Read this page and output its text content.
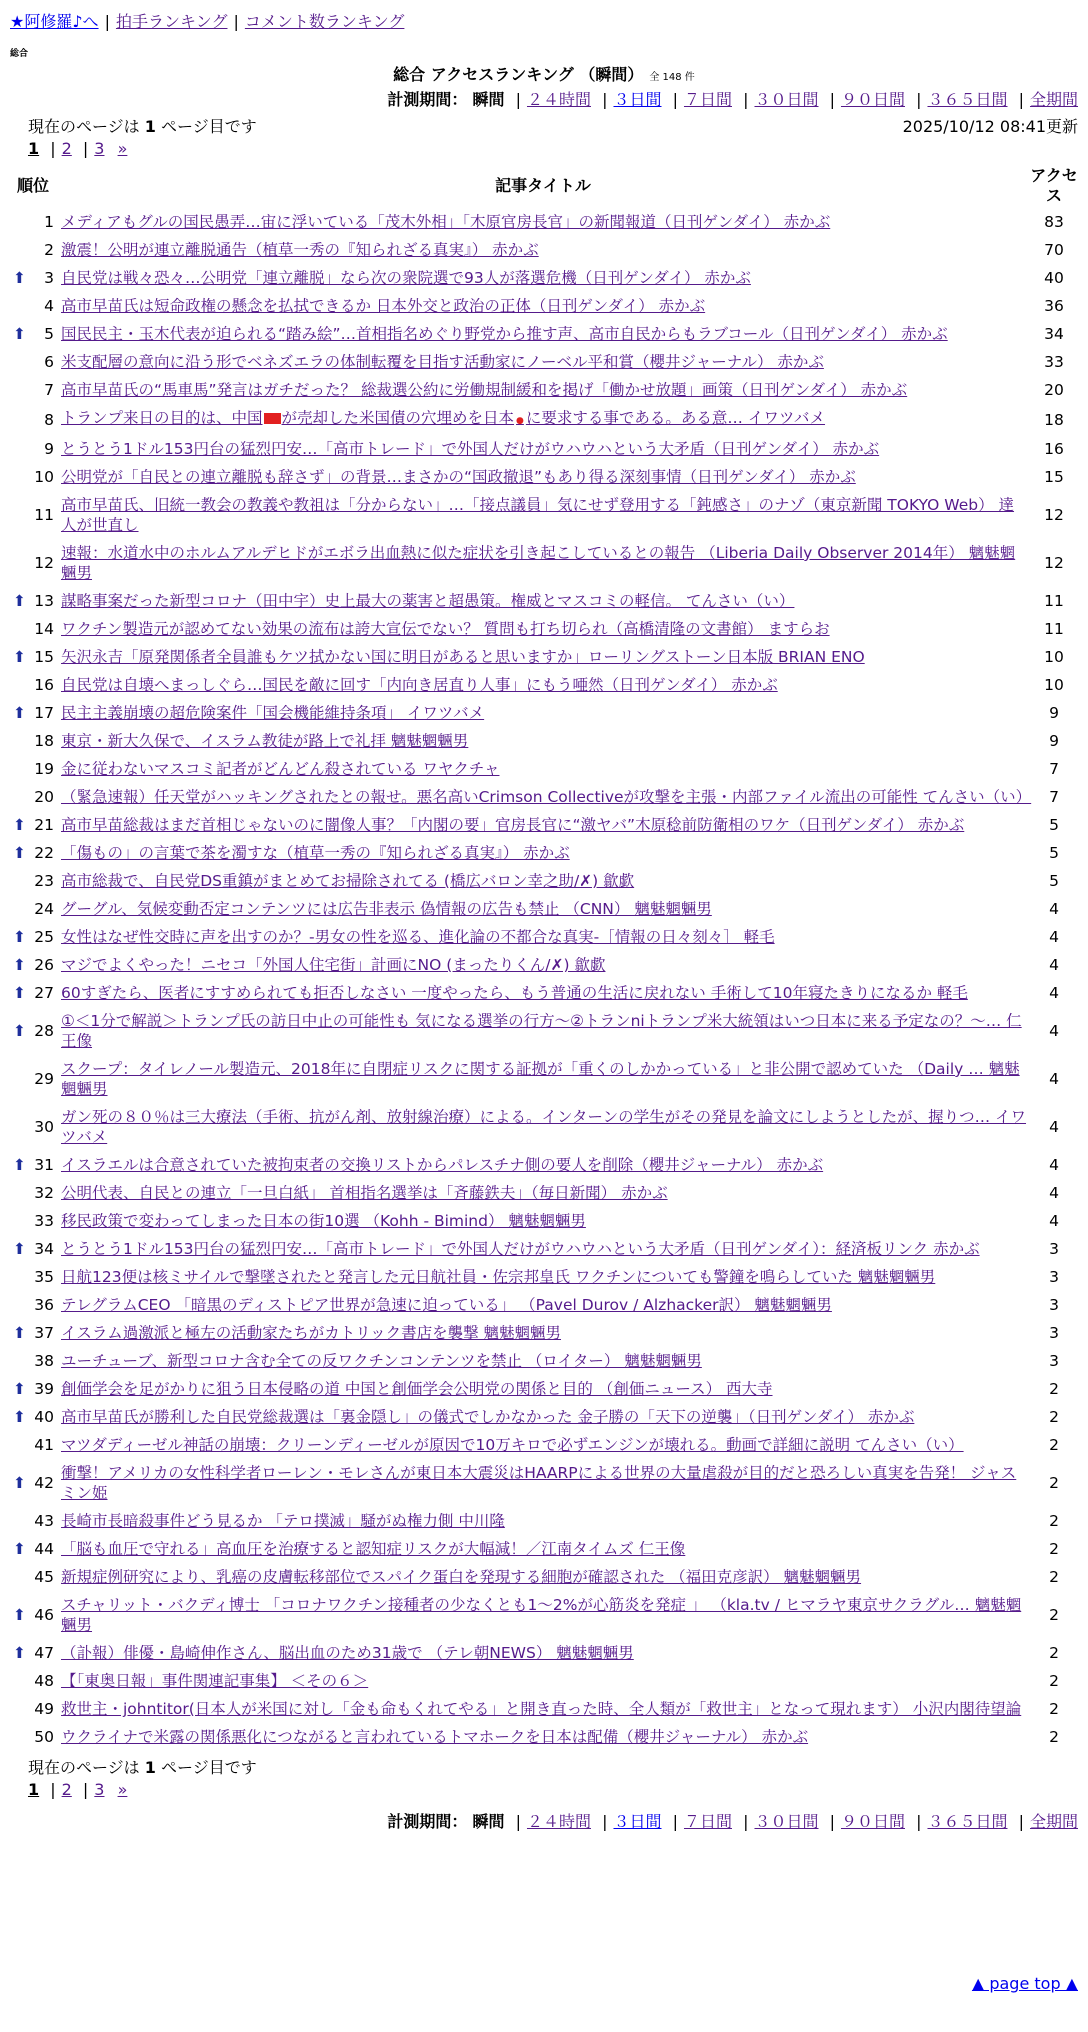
★阿修羅♪へ | 拍手ランキング | コメント数ランキング
総合
総合 アクセスランキング （瞬間） 全 148 件
計測期間： 瞬間 | ２４時間 | ３日間 | ７日間 | ３０日間 | ９０日間 | ３６５日間 | 全期間
現在のページは 1 ページ目です	2025/10/12 08:41更新
1 | 2 | 3 »
順位		記事タイトル	アクセス
	1	メディアもグルの国民愚弄…宙に浮いている「茂木外相」「木原官房長官」の新聞報道（日刊ゲンダイ） 赤かぶ	83
	2	激震！公明が連立離脱通告（植草一秀の『知られざる真実』） 赤かぶ	70
⬆	3	自民党は戦々恐々…公明党「連立離脱」なら次の衆院選で93人が落選危機（日刊ゲンダイ） 赤かぶ	40
	4	高市早苗氏は短命政権の懸念を払拭できるか 日本外交と政治の正体（日刊ゲンダイ） 赤かぶ	36
⬆	5	国民民主・玉木代表が迫られる“踏み絵”…首相指名めぐり野党から推す声、高市自民からもラブコール（日刊ゲンダイ） 赤かぶ	34
	6	米支配層の意向に沿う形でベネズエラの体制転覆を目指す活動家にノーベル平和賞（櫻井ジャーナル） 赤かぶ	33
	7	高市早苗氏の“馬車馬”発言はガチだった？ 総裁選公約に労働規制緩和を掲げ「働かせ放題」画策（日刊ゲンダイ） 赤かぶ	20
	8	トランプ来日の目的は、中国 が売却した米国債の穴埋めを日本 ● に要求する事である。ある意… イワツバメ	18
	9	とうとう1ドル153円台の猛烈円安…「高市トレード」で外国人だけがウハウハという大矛盾（日刊ゲンダイ） 赤かぶ	16
	10	公明党が「自民との連立離脱も辞さず」の背景…まさかの“国政撤退”もあり得る深刻事情（日刊ゲンダイ） 赤かぶ	15
	11	高市早苗氏、旧統一教会の教義や教祖は「分からない」…「接点議員」気にせず登用する「鈍感さ」のナゾ（東京新聞 TOKYO Web） 達人が世直し	12
	12	速報：水道水中のホルムアルデヒドがエボラ出血熱に似た症状を引き起こしているとの報告 （Liberia Daily Observer 2014年） 魑魅魍魎男	12
⬆	13	謀略事案だった新型コロナ（田中宇）史上最大の薬害と超愚策。権威とマスコミの軽信。 てんさい（い）	11
	14	ワクチン製造元が認めてない効果の流布は誇大宣伝でない？ 質問も打ち切られ（高橋清隆の文書館） ますらお	11
⬆	15	矢沢永吉「原発関係者全員誰もケツ拭かない国に明日があると思いますか」ローリングストーン日本版 BRIAN ENO	10
	16	自民党は自壊へまっしぐら…国民を敵に回す「内向き居直り人事」にもう唖然（日刊ゲンダイ） 赤かぶ	10
⬆	17	民主主義崩壊の超危険案件「国会機能維持条項」 イワツバメ	9
	18	東京・新大久保で、イスラム教徒が路上で礼拝 魑魅魍魎男	9
	19	金に従わないマスコミ記者がどんどん殺されている ワヤクチャ	7
	20	（緊急速報）任天堂がハッキングされたとの報せ。悪名高いCrimson Collectiveが攻撃を主張・内部ファイル流出の可能性 てんさい（い）	7
⬆	21	高市早苗総裁はまだ首相じゃないのに闇像人事？「内閣の要」官房長官に“激ヤバ”木原稔前防衛相のワケ（日刊ゲンダイ） 赤かぶ	5
⬆	22	「傷もの」の言葉で茶を濁すな（植草一秀の『知られざる真実』） 赤かぶ	5
	23	高市総裁で、自民党DS重鎮がまとめてお掃除されてる (橋広バロン幸之助/✗) 歙歔	5
	24	グーグル、気候変動否定コンテンツには広告非表示 偽情報の広告も禁止 （CNN） 魑魅魍魎男	4
⬆	25	女性はなぜ性交時に声を出すのか？-男女の性を巡る、進化論の不都合な真実-［情報の日々刻々］ 軽毛	4
⬆	26	マジでよくやった！ニセコ「外国人住宅街」計画にNO (まったりくん/✗) 歙歔	4
⬆	27	60すぎたら、医者にすすめられても拒否しなさい 一度やったら、もう普通の生活に戻れない 手術して10年寝たきりになるか 軽毛	4
⬆	28	①＜1分で解説＞トランプ氏の訪日中止の可能性も 気になる選挙の行方～②トランniトランプ米大統領はいつ日本に来る予定なの？～… 仁王像	4
	29	スクープ：タイレノール製造元、2018年に自閉症リスクに関する証拠が「重くのしかかっている」と非公開で認めていた （Daily … 魑魅魍魎男	4
	30	ガン死の８０％は三大療法（手術、抗がん剤、放射線治療）による。インターンの学生がその発見を論文にしようとしたが、握りつ… イワツバメ	4
⬆	31	イスラエルは合意されていた被拘束者の交換リストからパレスチナ側の要人を削除（櫻井ジャーナル） 赤かぶ	4
	32	公明代表、自民との連立「一旦白紙」 首相指名選挙は「斉藤鉄夫」（毎日新聞） 赤かぶ	4
	33	移民政策で変わってしまった日本の街10選 （Kohh - Bimind） 魑魅魍魎男	4
⬆	34	とうとう1ドル153円台の猛烈円安…「高市トレード」で外国人だけがウハウハという大矛盾（日刊ゲンダイ）：経済板リンク 赤かぶ	3
	35	日航123便は核ミサイルで撃墜されたと発言した元日航社員・佐宗邦皇氏 ワクチンについても警鐘を鳴らしていた 魑魅魍魎男	3
	36	テレグラムCEO 「暗黒のディストピア世界が急速に迫っている」 （Pavel Durov / Alzhacker訳） 魑魅魍魎男	3
⬆	37	イスラム過激派と極左の活動家たちがカトリック書店を襲撃 魑魅魍魎男	3
	38	ユーチューブ、新型コロナ含む全ての反ワクチンコンテンツを禁止 （ロイター） 魑魅魍魎男	3
⬆	39	創価学会を足がかりに狙う日本侵略の道 中国と創価学会公明党の関係と目的 （創価ニュース） 西大寺	2
⬆	40	高市早苗氏が勝利した自民党総裁選は「裏金隠し」の儀式でしかなかった 金子勝の「天下の逆襲」（日刊ゲンダイ） 赤かぶ	2
	41	マツダディーゼル神話の崩壊：クリーンディーゼルが原因で10万キロで必ずエンジンが壊れる。動画で詳細に説明 てんさい（い）	2
⬆	42	衝撃！アメリカの女性科学者ローレン・モレさんが東日本大震災はHAARPによる世界の大量虐殺が目的だと恐ろしい真実を告発！ ジャスミン姫	2
	43	長崎市長暗殺事件どう見るか 「テロ撲滅」騒がぬ権力側 中川隆	2
⬆	44	「脳も血圧で守れる」高血圧を治療すると認知症リスクが大幅減！／江南タイムズ 仁王像	2
	45	新規症例研究により、乳癌の皮膚転移部位でスパイク蛋白を発現する細胞が確認された （福田克彦訳） 魑魅魍魎男	2
⬆	46	スチャリット・バクディ博士 「コロナワクチン接種者の少なくとも1～2%が心筋炎を発症 」 （kla.tv / ヒマラヤ東京サクラグル… 魑魅魍魎男	2
⬆	47	（訃報）俳優・島崎伸作さん、脳出血のため31歳で （テレ朝NEWS） 魑魅魍魎男	2
	48	【「東奥日報」事件関連記事集】 ＜その６＞	2
	49	救世主・johntitor(日本人が米国に対し「金も命もくれてやる」と開き直った時、全人類が「救世主」となって現れます） 小沢内閣待望論	2
	50	ウクライナで米露の関係悪化につながると言われているトマホークを日本は配備（櫻井ジャーナル） 赤かぶ	2
現在のページは 1 ページ目です
1 | 2 | 3 »
計測期間： 瞬間 | ２４時間 | ３日間 | ７日間 | ３０日間 | ９０日間 | ３６５日間 | 全期間
▲ page top ▲
